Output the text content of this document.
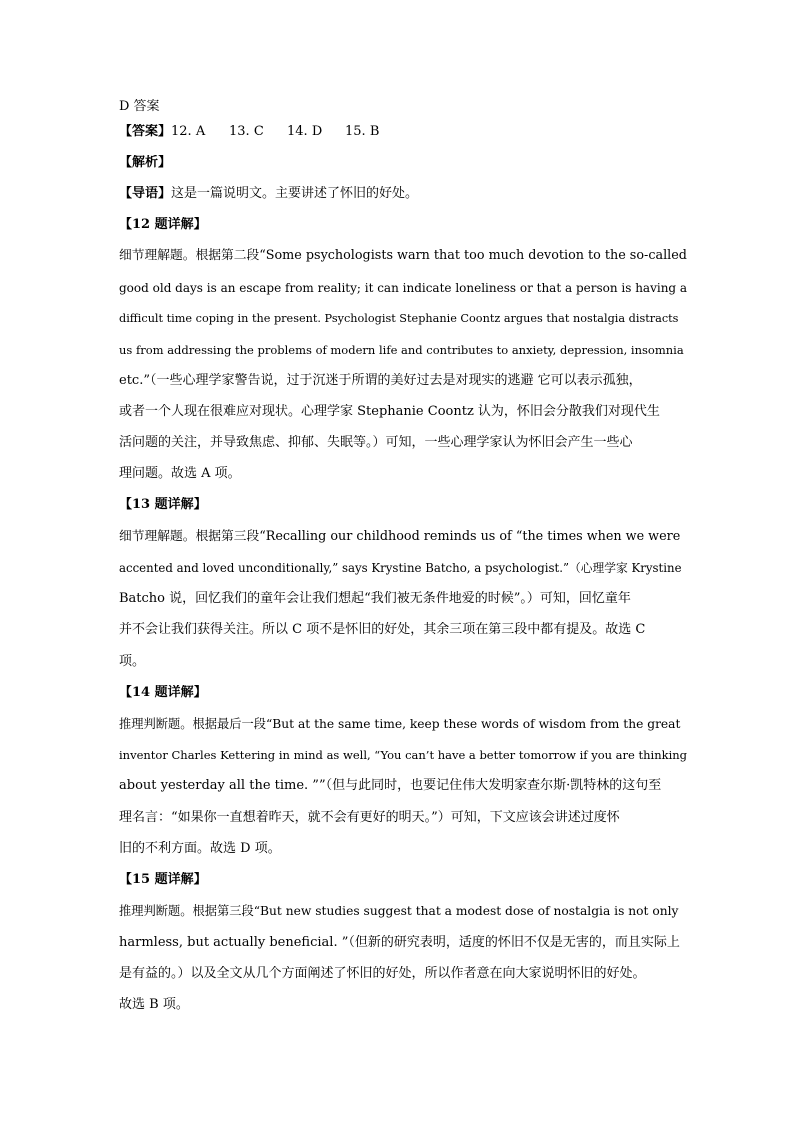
D 答案
【答案】12. A 13. C 14. D 15. B
【解析】
【导语】这是一篇说明文。主要讲述了怀旧的好处。
【12 题详解】
细节理解题。根据第二段“Some psychologists warn that too much devotion to the so-called
good old days is an escape from reality; it can indicate loneliness or that a person is having a
difficult time coping in the present. Psychologist Stephanie Coontz argues that nostalgia distracts
us from addressing the problems of modern life and contributes to anxiety, depression, insomnia
etc.”（一些心理学家警告说，过于沉迷于所谓的美好过去是对现实的逃避 它可以表示孤独，
或者一个人现在很难应对现状。心理学家 Stephanie Coontz 认为，怀旧会分散我们对现代生
活问题的关注，并导致焦虑、抑郁、失眠等。）可知，一些心理学家认为怀旧会产生一些心
理问题。故选 A 项。
【13 题详解】
细节理解题。根据第三段“Recalling our childhood reminds us of “the times when we were
accented and loved unconditionally,” says Krystine Batcho, a psychologist.”（心理学家 Krystine
Batcho 说，回忆我们的童年会让我们想起“我们被无条件地爱的时候”。）可知，回忆童年
并不会让我们获得关注。所以 C 项不是怀旧的好处，其余三项在第三段中都有提及。故选 C
项。
【14 题详解】
推理判断题。根据最后一段“But at the same time, keep these words of wisdom from the great
inventor Charles Kettering in mind as well, “You can’t have a better tomorrow if you are thinking
about yesterday all the time. ””（但与此同时，也要记住伟大发明家查尔斯·凯特林的这句至
理名言：“如果你一直想着昨天，就不会有更好的明天。”）可知，下文应该会讲述过度怀
旧的不利方面。故选 D 项。
【15 题详解】
推理判断题。根据第三段“But new studies suggest that a modest dose of nostalgia is not only
harmless, but actually beneficial. ”（但新的研究表明，适度的怀旧不仅是无害的，而且实际上
是有益的。）以及全文从几个方面阐述了怀旧的好处，所以作者意在向大家说明怀旧的好处。
故选 B 项。
